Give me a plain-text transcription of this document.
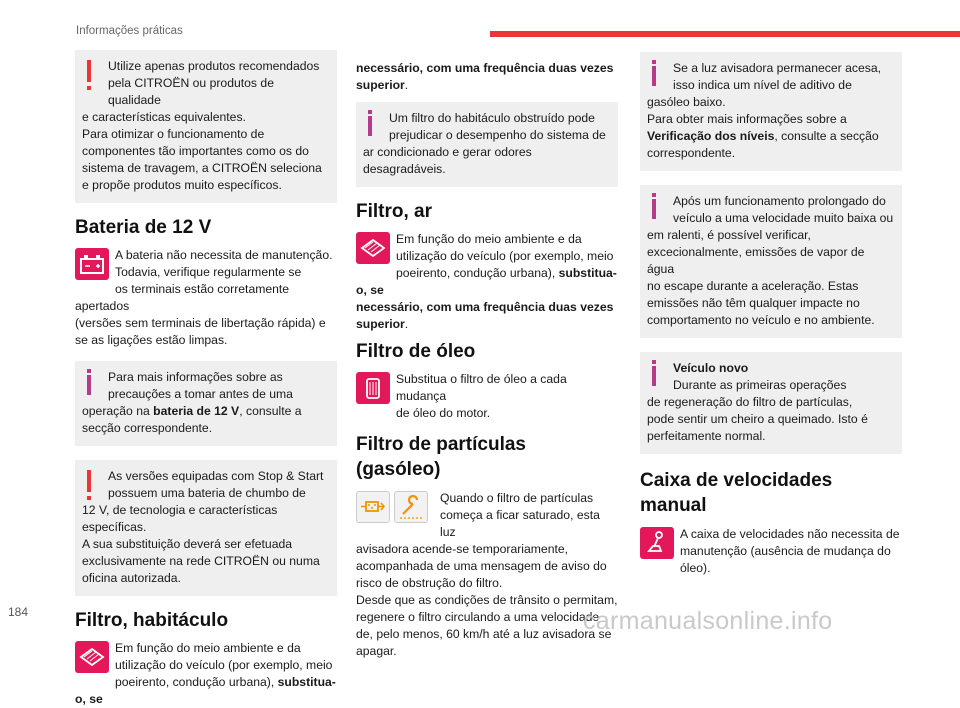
Informações práticas
Utilize apenas produtos recomendados
pela CITROËN ou produtos de qualidade
e características equivalentes.
Para otimizar o funcionamento de
componentes tão importantes como os do
sistema de travagem, a CITROËN seleciona
e propõe produtos muito específicos.
Bateria de 12 V
A bateria não necessita de manutenção.
Todavia, verifique regularmente se
os terminais estão corretamente apertados
(versões sem terminais de libertação rápida) e
se as ligações estão limpas.
Para mais informações sobre as
precauções a tomar antes de uma
operação na bateria de 12 V, consulte a
secção correspondente.
As versões equipadas com Stop & Start
possuem uma bateria de chumbo de
12 V, de tecnologia e características
específicas.
A sua substituição deverá ser efetuada
exclusivamente na rede CITROËN ou numa
oficina autorizada.
Filtro, habitáculo
Em função do meio ambiente e da
utilização do veículo (por exemplo, meio
poeirento, condução urbana), substitua-o, se
necessário, com uma frequência duas vezes
superior.
Um filtro do habitáculo obstruído pode
prejudicar o desempenho do sistema de
ar condicionado e gerar odores
desagradáveis.
Filtro, ar
Em função do meio ambiente e da
utilização do veículo (por exemplo, meio
poeirento, condução urbana), substitua-o, se
necessário, com uma frequência duas vezes
superior.
Filtro de óleo
Substitua o filtro de óleo a cada mudança
de óleo do motor.
Filtro de partículas
(gasóleo)
Quando o filtro de partículas
começa a ficar saturado, esta luz
avisadora acende-se temporariamente,
acompanhada de uma mensagem de aviso do
risco de obstrução do filtro.
Desde que as condições de trânsito o permitam,
regenere o filtro circulando a uma velocidade
de, pelo menos, 60 km/h até a luz avisadora se
apagar.
Se a luz avisadora permanecer acesa,
isso indica um nível de aditivo de
gasóleo baixo.
Para obter mais informações sobre a
Verificação dos níveis, consulte a secção
correspondente.
Após um funcionamento prolongado do
veículo a uma velocidade muito baixa ou
em ralenti, é possível verificar,
excecionalmente, emissões de vapor de água
no escape durante a aceleração. Estas
emissões não têm qualquer impacte no
comportamento no veículo e no ambiente.
Veículo novo
Durante as primeiras operações
de regeneração do filtro de partículas,
pode sentir um cheiro a queimado. Isto é
perfeitamente normal.
Caixa de velocidades
manual
A caixa de velocidades não necessita de
manutenção (ausência de mudança do
óleo).
184	carmanualsonline.info
